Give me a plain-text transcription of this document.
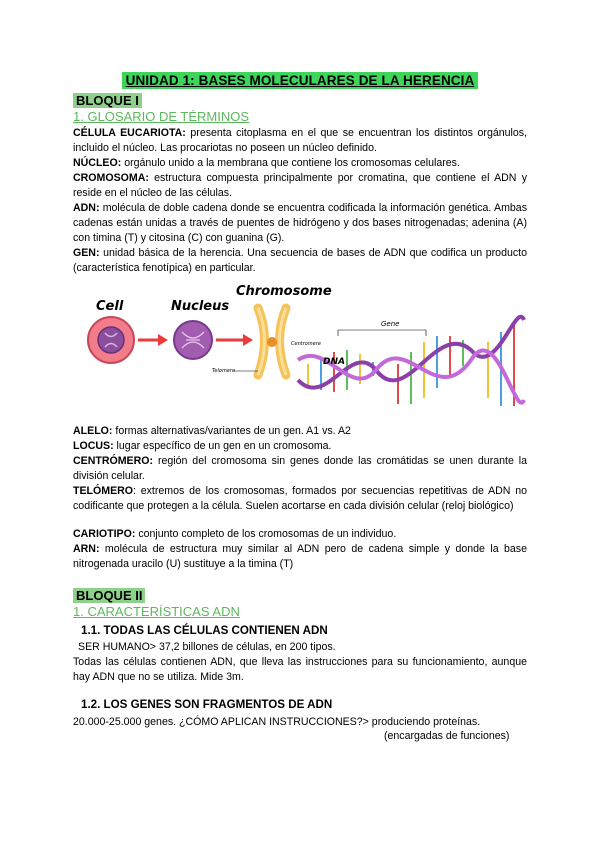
UNIDAD 1: BASES MOLECULARES DE LA HERENCIA
BLOQUE I
1. GLOSARIO DE TÉRMINOS
CÉLULA EUCARIOTA: presenta citoplasma en el que se encuentran los distintos orgánulos, incluido el núcleo. Las procariotas no poseen un núcleo definido.
NÚCLEO: orgánulo unido a la membrana que contiene los cromosomas celulares.
CROMOSOMA: estructura compuesta principalmente por cromatina, que contiene el ADN y reside en el núcleo de las células.
ADN: molécula de doble cadena donde se encuentra codificada la información genética. Ambas cadenas están unidas a través de puentes de hidrógeno y dos bases nitrogenadas; adenina (A) con timina (T) y citosina (C) con guanina (G).
GEN: unidad básica de la herencia. Una secuencia de bases de ADN que codifica un producto (característica fenotípica) en particular.
Cell	Nucleus
Chromosome
Centromere
Telomere
DNA
Gene
ALELO: formas alternativas/variantes de un gen. A1 vs. A2
LOCUS: lugar específico de un gen en un cromosoma.
CENTRÓMERO: región del cromosoma sin genes donde las cromátidas se unen durante la división celular.
TELÓMERO: extremos de los cromosomas, formados por secuencias repetitivas de ADN no codificante que protegen a la célula. Suelen acortarse en cada división celular (reloj biológico)
CARIOTIPO: conjunto completo de los cromosomas de un individuo.
ARN: molécula de estructura muy similar al ADN pero de cadena simple y donde la base nitrogenada uracilo (U) sustituye a la timina (T)
BLOQUE II
1. CARACTERÍSTICAS ADN
1.1. TODAS LAS CÉLULAS CONTIENEN ADN
SER HUMANO> 37,2 billones de células, en 200 tipos.
Todas las células contienen ADN, que lleva las instrucciones para su funcionamiento, aunque hay ADN que no se utiliza. Mide 3m.
1.2. LOS GENES SON FRAGMENTOS DE ADN
20.000-25.000 genes. ¿CÓMO APLICAN INSTRUCCIONES?> produciendo proteínas.
(encargadas de funciones)
